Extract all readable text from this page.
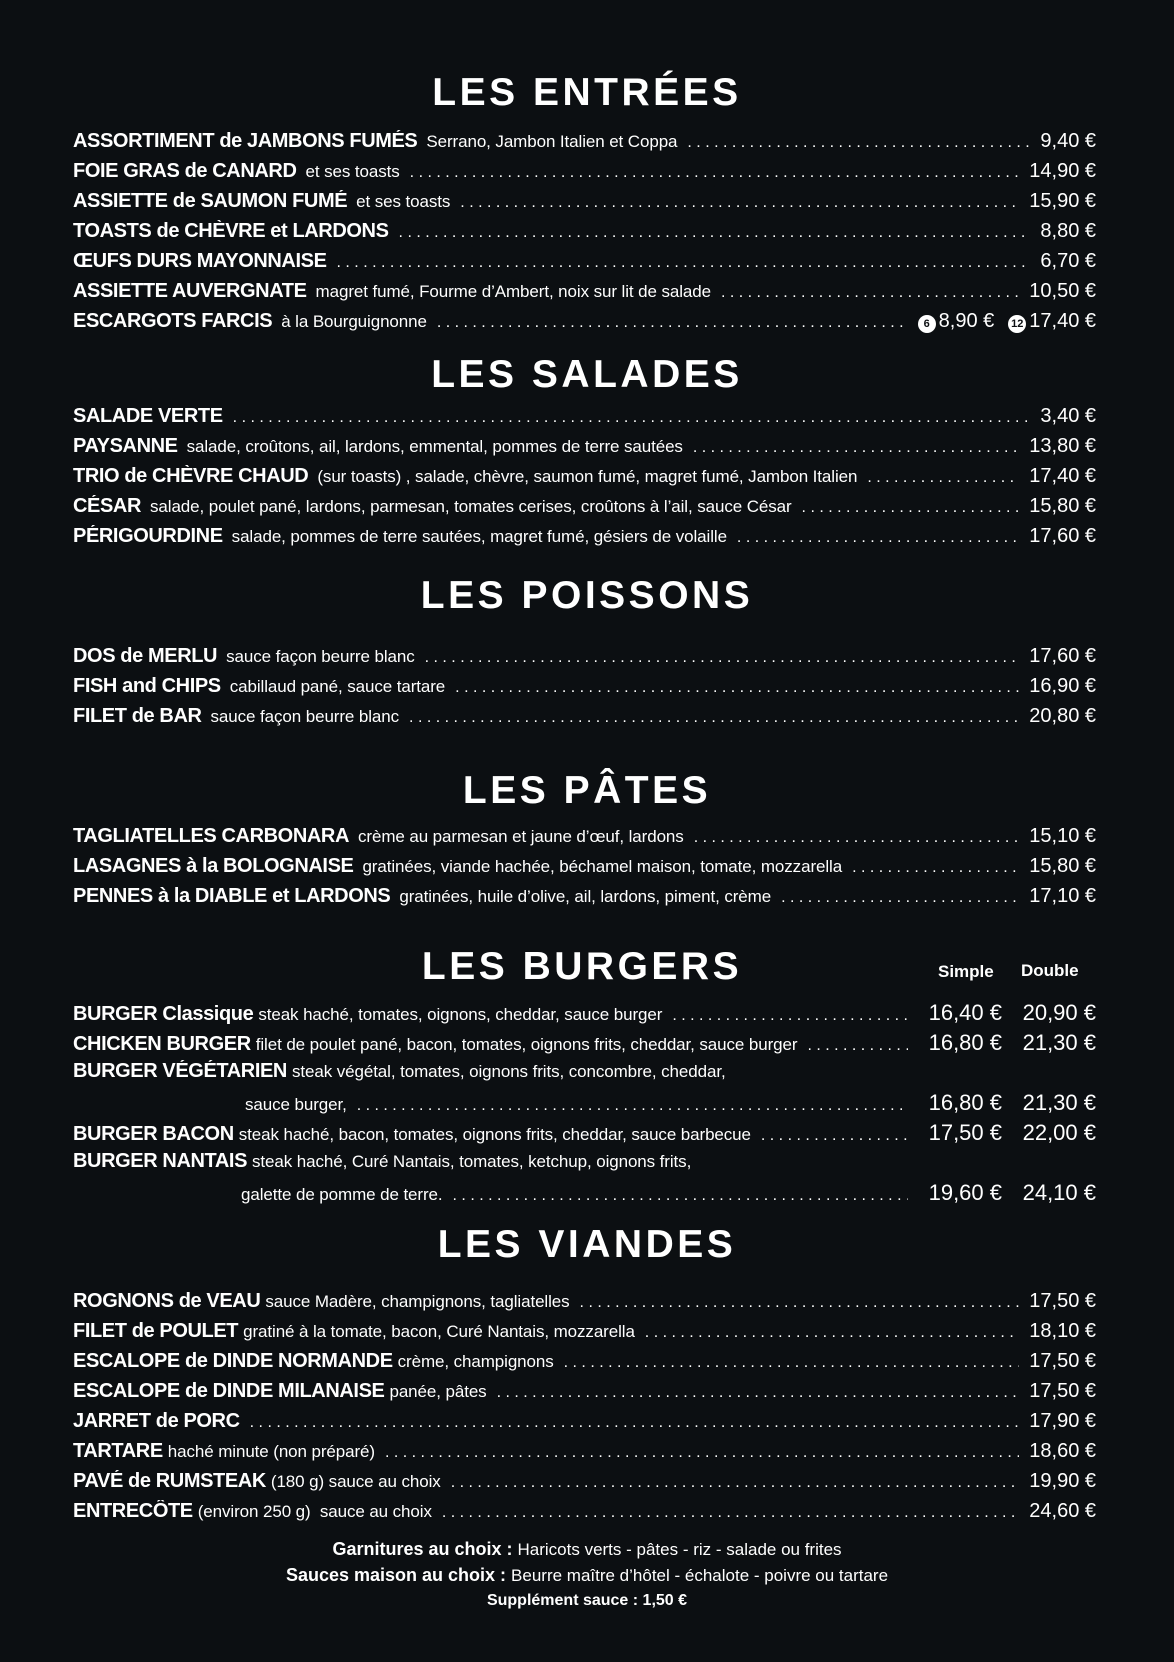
LES ENTRÉES
ASSORTIMENT de JAMBONS FUMÉS Serrano, Jambon Italien et Coppa . . .	9,40 €
FOIE GRAS de CANARD et ses toasts . . .	14,90 €
ASSIETTE de SAUMON FUMÉ et ses toasts . . .	15,90 €
TOASTS de CHÈVRE et LARDONS . . .	8,80 €
ŒUFS DURS MAYONNAISE . . .	6,70 €
ASSIETTE AUVERGNATE magret fumé, Fourme d’Ambert, noix sur lit de salade . . .	10,50 €
ESCARGOTS FARCIS à la Bourguignonne . . .	6 8,90 € 12 17,40 €
LES SALADES
SALADE VERTE . . .	3,40 €
PAYSANNE salade, croûtons, ail, lardons, emmental, pommes de terre sautées . . .	13,80 €
TRIO de CHÈVRE CHAUD (sur toasts) , salade, chèvre, saumon fumé, magret fumé, Jambon Italien . . .	17,40 €
CÉSAR salade, poulet pané, lardons, parmesan, tomates cerises, croûtons à l’ail, sauce César . . .	15,80 €
PÉRIGOURDINE salade, pommes de terre sautées, magret fumé, gésiers de volaille . . .	17,60 €
LES POISSONS
DOS de MERLU sauce façon beurre blanc . . .	17,60 €
FISH and CHIPS cabillaud pané, sauce tartare . . .	16,90 €
FILET de BAR sauce façon beurre blanc . . .	20,80 €
LES PÂTES
TAGLIATELLES CARBONARA crème au parmesan et jaune d’œuf, lardons . . .	15,10 €
LASAGNES à la BOLOGNAISE gratinées, viande hachée, béchamel maison, tomate, mozzarella . . .	15,80 €
PENNES à la DIABLE et LARDONS gratinées, huile d’olive, ail, lardons, piment, crème . . .	17,10 €
LES BURGERS	Simple Double
BURGER Classique steak haché, tomates, oignons, cheddar, sauce burger . . .	16,40 € 20,90 €
CHICKEN BURGER filet de poulet pané, bacon, tomates, oignons frits, cheddar, sauce burger . . .	16,80 € 21,30 €
BURGER VÉGÉTARIEN steak végétal, tomates, oignons frits, concombre, cheddar,
sauce burger, . . .	16,80 € 21,30 €
BURGER BACON steak haché, bacon, tomates, oignons frits, cheddar, sauce barbecue . . .	17,50 € 22,00 €
BURGER NANTAIS steak haché, Curé Nantais, tomates, ketchup, oignons frits,
galette de pomme de terre. . . .	19,60 € 24,10 €
LES VIANDES
ROGNONS de VEAU sauce Madère, champignons, tagliatelles . . .	17,50 €
FILET de POULET gratiné à la tomate, bacon, Curé Nantais, mozzarella . . .	18,10 €
ESCALOPE de DINDE NORMANDE crème, champignons . . .	17,50 €
ESCALOPE de DINDE MILANAISE panée, pâtes . . .	17,50 €
JARRET de PORC . . .	17,90 €
TARTARE haché minute (non préparé) . . .	18,60 €
PAVÉ de RUMSTEAK (180 g) sauce au choix . . .	19,90 €
ENTRECÔTE (environ 250 g)  sauce au choix . . .	24,60 €
Garnitures au choix : Haricots verts - pâtes - riz - salade ou frites
Sauces maison au choix : Beurre maître d’hôtel - échalote - poivre ou tartare
Supplément sauce : 1,50 €
